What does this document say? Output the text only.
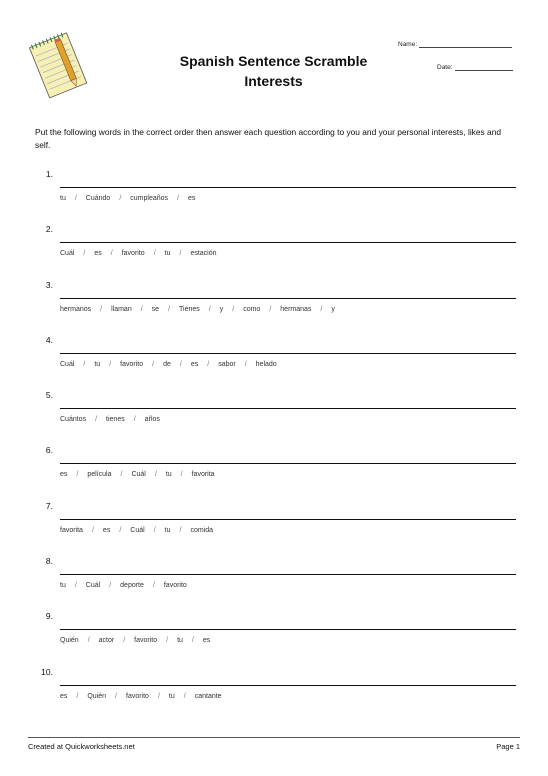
Spanish Sentence Scramble
Interests
Name:
Date:
Put the following words in the correct order then answer each question according to you and your personal interests, likes and self.
1.
tu / Cuándo / cumpleaños / es
2.
Cuál / es / favorito / tu / estación
3.
hermanos / llaman / se / Tienes / y / como / hermanas / y
4.
Cuál / tu / favorito / de / es / sabor / helado
5.
Cuántos / tienes / años
6.
es / película / Cuál / tu / favorita
7.
favorita / es / Cuál / tu / comida
8.
tu / Cuál / deporte / favorito
9.
Quién / actor / favorito / tu / es
10.
es / Quién / favorito / tu / cantante
Created at Quickworksheets.net	Page 1
